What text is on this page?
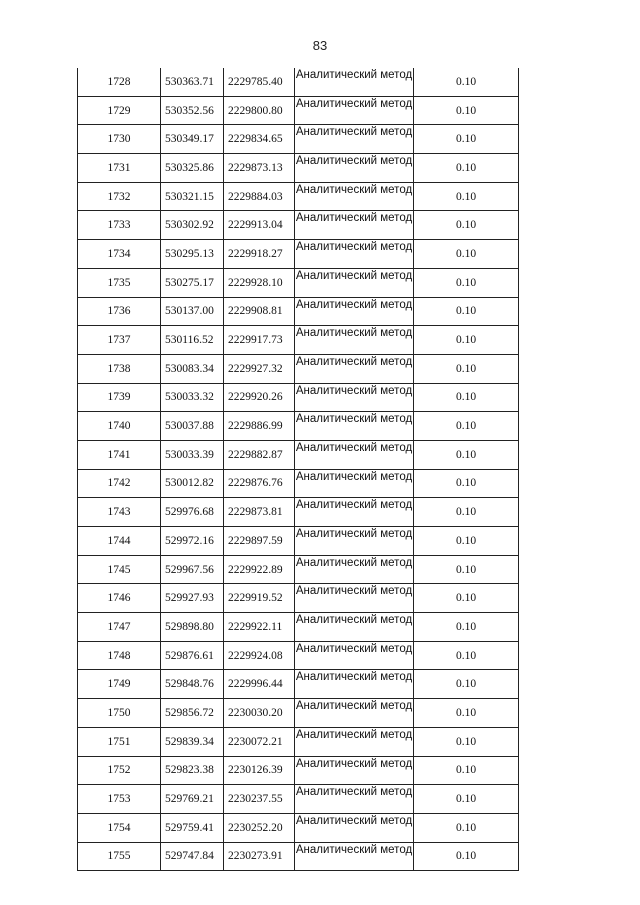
83
1728	530363.71	2229785.40	Аналитический метод	0.10
1729	530352.56	2229800.80	Аналитический метод	0.10
1730	530349.17	2229834.65	Аналитический метод	0.10
1731	530325.86	2229873.13	Аналитический метод	0.10
1732	530321.15	2229884.03	Аналитический метод	0.10
1733	530302.92	2229913.04	Аналитический метод	0.10
1734	530295.13	2229918.27	Аналитический метод	0.10
1735	530275.17	2229928.10	Аналитический метод	0.10
1736	530137.00	2229908.81	Аналитический метод	0.10
1737	530116.52	2229917.73	Аналитический метод	0.10
1738	530083.34	2229927.32	Аналитический метод	0.10
1739	530033.32	2229920.26	Аналитический метод	0.10
1740	530037.88	2229886.99	Аналитический метод	0.10
1741	530033.39	2229882.87	Аналитический метод	0.10
1742	530012.82	2229876.76	Аналитический метод	0.10
1743	529976.68	2229873.81	Аналитический метод	0.10
1744	529972.16	2229897.59	Аналитический метод	0.10
1745	529967.56	2229922.89	Аналитический метод	0.10
1746	529927.93	2229919.52	Аналитический метод	0.10
1747	529898.80	2229922.11	Аналитический метод	0.10
1748	529876.61	2229924.08	Аналитический метод	0.10
1749	529848.76	2229996.44	Аналитический метод	0.10
1750	529856.72	2230030.20	Аналитический метод	0.10
1751	529839.34	2230072.21	Аналитический метод	0.10
1752	529823.38	2230126.39	Аналитический метод	0.10
1753	529769.21	2230237.55	Аналитический метод	0.10
1754	529759.41	2230252.20	Аналитический метод	0.10
1755	529747.84	2230273.91	Аналитический метод	0.10
